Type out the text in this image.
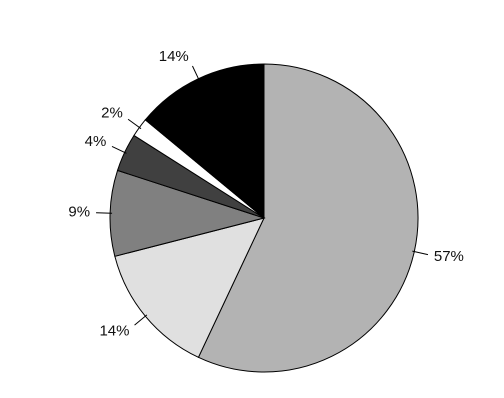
57%
14%
9%
4%
2%
14%
